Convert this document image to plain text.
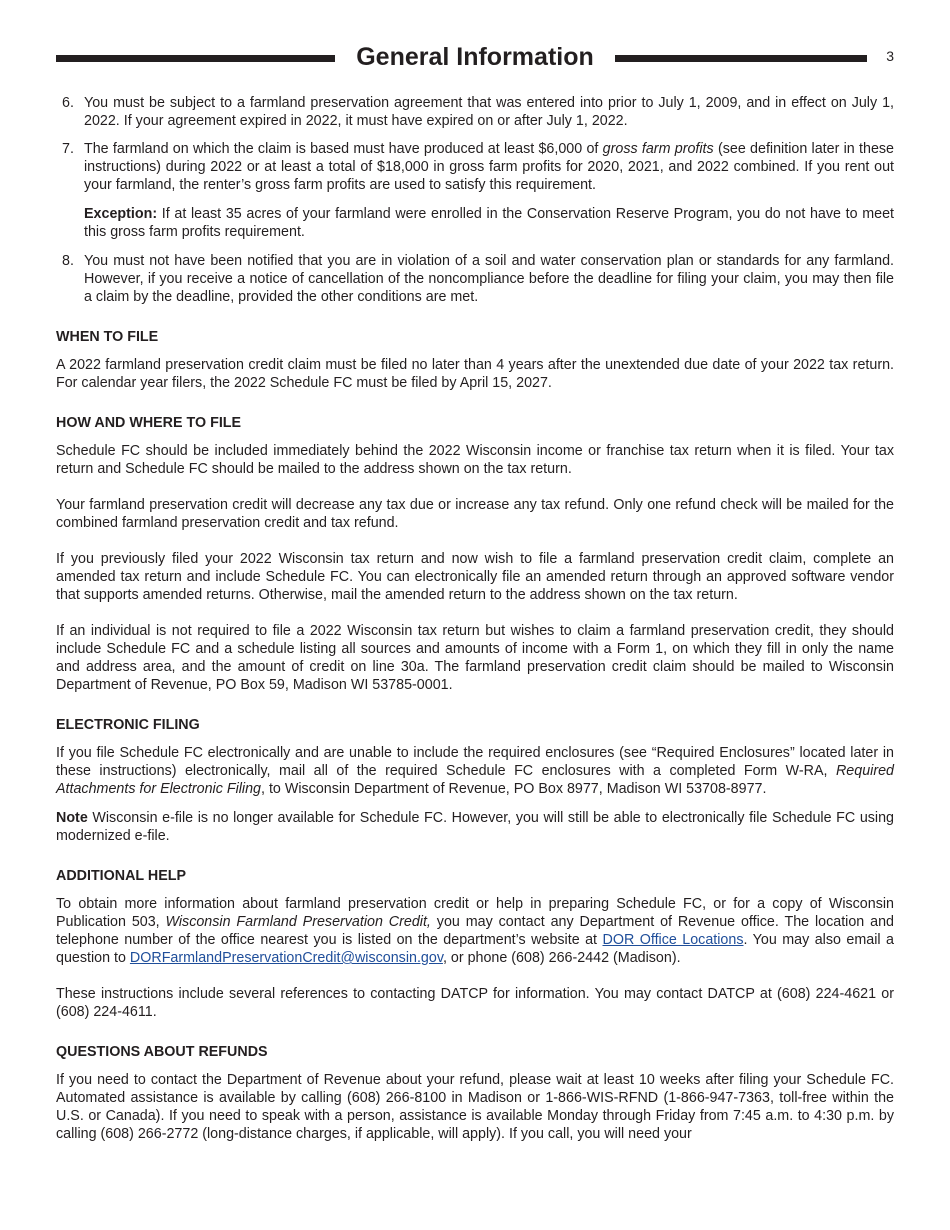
General Information	3
6. You must be subject to a farmland preservation agreement that was entered into prior to July 1, 2009, and in effect on July 1, 2022. If your agreement expired in 2022, it must have expired on or after July 1, 2022.
7. The farmland on which the claim is based must have produced at least $6,000 of gross farm profits (see definition later in these instructions) during 2022 or at least a total of $18,000 in gross farm profits for 2020, 2021, and 2022 combined. If you rent out your farmland, the renter’s gross farm profits are used to satisfy this requirement.

Exception: If at least 35 acres of your farmland were enrolled in the Conservation Reserve Program, you do not have to meet this gross farm profits requirement.

8. You must not have been notified that you are in violation of a soil and water conservation plan or standards for any farmland. However, if you receive a notice of cancellation of the noncompliance before the deadline for filing your claim, you may then file a claim by the deadline, provided the other conditions are met.
WHEN TO FILE

A 2022 farmland preservation credit claim must be filed no later than 4 years after the unextended due date of your 2022 tax return. For calendar year filers, the 2022 Schedule FC must be filed by April 15, 2027.

HOW AND WHERE TO FILE

Schedule FC should be included immediately behind the 2022 Wisconsin income or franchise tax return when it is filed. Your tax return and Schedule FC should be mailed to the address shown on the tax return.

Your farmland preservation credit will decrease any tax due or increase any tax refund. Only one refund check will be mailed for the combined farmland preservation credit and tax refund.

If you previously filed your 2022 Wisconsin tax return and now wish to file a farmland preservation credit claim, complete an amended tax return and include Schedule FC. You can electronically file an amended return through an approved software vendor that supports amended returns. Otherwise, mail the amended return to the address shown on the tax return.

If an individual is not required to file a 2022 Wisconsin tax return but wishes to claim a farmland preservation credit, they should include Schedule FC and a schedule listing all sources and amounts of income with a Form 1, on which they fill in only the name and address area, and the amount of credit on line 30a. The farmland preservation credit claim should be mailed to Wisconsin Department of Revenue, PO Box 59, Madison WI 53785-0001.

ELECTRONIC FILING

If you file Schedule FC electronically and are unable to include the required enclosures (see “Required Enclosures” located later in these instructions) electronically, mail all of the required Schedule FC enclosures with a completed Form W-RA, Required Attachments for Electronic Filing, to Wisconsin Department of Revenue, PO Box 8977, Madison WI 53708-8977.

Note Wisconsin e-file is no longer available for Schedule FC. However, you will still be able to electronically file Schedule FC using modernized e-file.

ADDITIONAL HELP

To obtain more information about farmland preservation credit or help in preparing Schedule FC, or for a copy of Wisconsin Publication 503, Wisconsin Farmland Preservation Credit, you may contact any Department of Revenue office. The location and telephone number of the office nearest you is listed on the department’s website at DOR Office Locations. You may also email a question to DORFarmlandPreservationCredit@wisconsin.gov, or phone (608) 266-2442 (Madison).

These instructions include several references to contacting DATCP for information. You may contact DATCP at (608) 224-4621 or (608) 224-4611.

QUESTIONS ABOUT REFUNDS

If you need to contact the Department of Revenue about your refund, please wait at least 10 weeks after filing your Schedule FC. Automated assistance is available by calling (608) 266-8100 in Madison or 1-866-WIS-RFND (1-866-947-7363, toll-free within the U.S. or Canada). If you need to speak with a person, assistance is available Monday through Friday from 7:45 a.m. to 4:30 p.m. by calling (608) 266-2772 (long-distance charges, if applicable, will apply). If you call, you will need your
